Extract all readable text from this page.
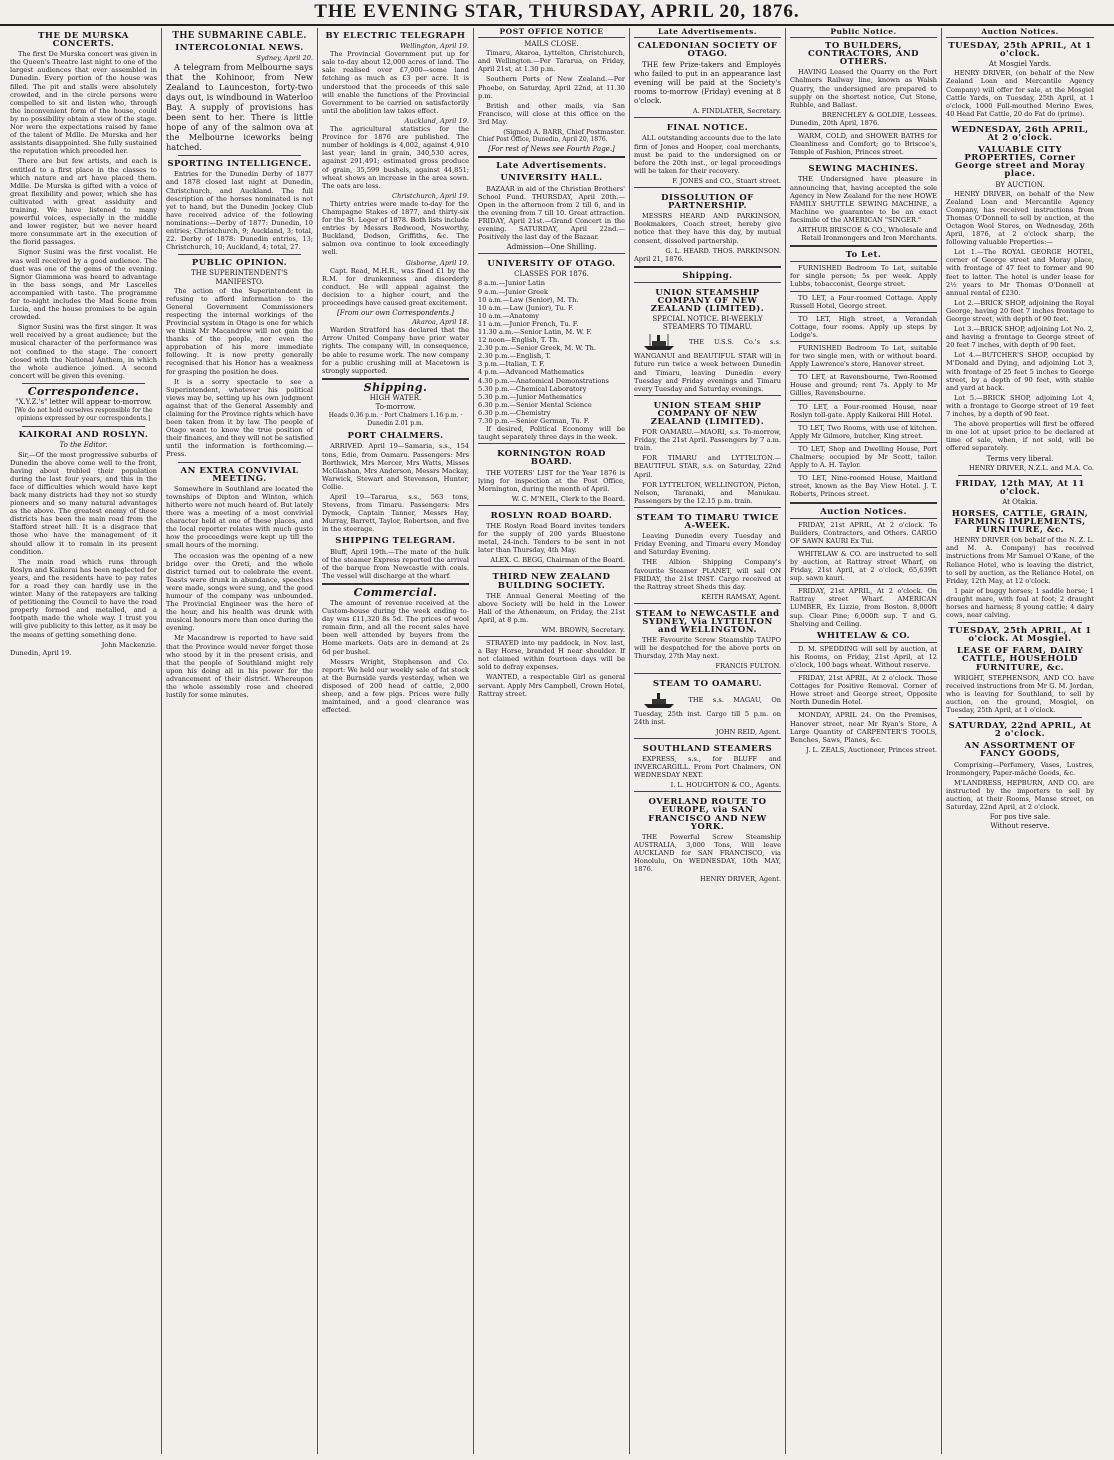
THE EVENING STAR, THURSDAY, APRIL 20, 1876.
THE DE MURSKA CONCERTS.

The first De Murska concert was given in the Queen's Theatre last night to one of the largest audiences that ever assembled in Dunedin. Every portion of the house was filled. The pit and stalls were absolutely crowded, and in the circle persons were compelled to sit and listen who, through the inconvenient form of the house, could by no possibility obtain a view of the stage. Nor were the expectations raised by fame of the talent of Mdlle. De Murska and her assistants disappointed. She fully sustained the reputation which preceded her.

There are but few artists, and each is entitled to a first place in the classes to which nature and art have placed them. Mdlle. De Murska is gifted with a voice of great flexibility and power, which she has cultivated with great assiduity and training. We have listened to many powerful voices, especially in the middle and lower register, but we never heard more consummate art in the execution of the florid passages.

Signor Susini was the first vocalist. He was well received by a good audience. The duet was one of the gems of the evening. Signor Giammona was heard to advantage in the bass songs, and Mr Lascelles accompanied with taste. The programme for to-night includes the Mad Scene from Lucia, and the house promises to be again crowded.

Signor Susini was the first singer. It was well received by a great audience; but the musical character of the performance was not confined to the stage. The concert closed with the National Anthem, in which the whole audience joined. A second concert will be given this evening.

Correspondence.
"X.Y.Z.'s" letter will appear to-morrow.
[We do not hold ourselves responsible for the opinions expressed by our correspondents.]
KAIKORAI AND ROSLYN.
To the Editor.

Sir,—Of the most progressive suburbs of Dunedin the above come well to the front, having about trebled their population during the last four years, and this in the face of difficulties which would have kept back many districts had they not so sturdy pioneers and so many natural advantages as the above. The greatest enemy of these districts has been the main road from the Stafford street hill. It is a disgrace that those who have the management of it should allow it to remain in its present condition.

The main road which runs through Roslyn and Kaikorai has been neglected for years, and the residents have to pay rates for a road they can hardly use in the winter. Many of the ratepayers are talking of petitioning the Council to have the road properly formed and metalled, and a footpath made the whole way. I trust you will give publicity to this letter, as it may be the means of getting something done.

John Mackenzie.
Dunedin, April 19.
THE SUBMARINE CABLE.
INTERCOLONIAL NEWS.
Sydney, April 20.

A telegram from Melbourne says that the Kohinoor, from New Zealand to Launceston, forty-two days out, is windbound in Waterloo Bay. A supply of provisions has been sent to her. There is little hope of any of the salmon ova at the Melbourne iceworks being hatched.

SPORTING INTELLIGENCE.

Entries for the Dunedin Derby of 1877 and 1878 closed last night at Dunedin, Christchurch, and Auckland. The full description of the horses nominated is not yet to hand, but the Dunedin Jockey Club have received advice of the following nominations:—Derby of 1877: Dunedin, 10 entries; Christchurch, 9; Auckland, 3; total, 22. Derby of 1878: Dunedin entries, 13; Christchurch, 10; Auckland, 4; total, 27.

PUBLIC OPINION.
THE SUPERINTENDENT'S MANIFESTO.

The action of the Superintendent in refusing to afford information to the General Government Commissioners respecting the internal workings of the Provincial system in Otago is one for which we think Mr Macandrew will not gain the thanks of the people, nor even the approbation of his more immediate following. It is now pretty generally recognised that his Honor has a weakness for grasping the position he does.

It is a sorry spectacle to see a Superintendent, whatever his political views may be, setting up his own judgment against that of the General Assembly and claiming for the Province rights which have been taken from it by law. The people of Otago want to know the true position of their finances, and they will not be satisfied until the information is forthcoming.—Press.

AN EXTRA CONVIVIAL MEETING.

Somewhere in Southland are located the townships of Dipton and Winton, which hitherto were not much heard of. But lately there was a meeting of a most convivial character held at one of these places, and the local reporter relates with much gusto how the proceedings were kept up till the small hours of the morning.

The occasion was the opening of a new bridge over the Oreti, and the whole district turned out to celebrate the event. Toasts were drunk in abundance, speeches were made, songs were sung, and the good humour of the company was unbounded. The Provincial Engineer was the hero of the hour, and his health was drunk with musical honours more than once during the evening.

Mr Macandrew is reported to have said that the Province would never forget those who stood by it in the present crisis, and that the people of Southland might rely upon his doing all in his power for the advancement of their district. Whereupon the whole assembly rose and cheered lustily for some minutes.

BY ELECTRIC TELEGRAPH
Wellington, April 19.

The Provincial Government put up for sale to-day about 12,000 acres of land. The sale realised over £7,000—some land fetching as much as £3 per acre. It is understood that the proceeds of this sale will enable the functions of the Provincial Government to be carried on satisfactorily until the abolition law takes effect.

Auckland, April 19.

The agricultural statistics for the Province for 1876 are published. The number of holdings is 4,002, against 4,910 last year; land in grain, 340,530 acres, against 291,491; estimated gross produce of grain, 35,599 bushels, against 44,851; wheat shows an increase in the area sown. The oats are less.

Christchurch, April 19.

Thirty entries were made to-day for the Champagne Stakes of 1877, and thirty-six for the St. Leger of 1878. Both lists include entries by Messrs Redwood, Nosworthy, Buckland, Dodson, Griffiths, &c. The salmon ova continue to look exceedingly well.

Gisborne, April 19.

Capt. Read, M.H.R., was fined £1 by the R.M. for drunkenness and disorderly conduct. He will appeal against the decision to a higher court, and the proceedings have caused great excitement.

[From our own Correspondents.]
Akaroa, April 18.

Warden Stratford has declared that the Arrow United Company have prior water rights. The company will, in consequence, be able to resume work. The new company for a public crushing mill at Macetown is strongly supported.

Shipping.
HIGH WATER.
To-morrow.
Heads 0.36 p.m. · Port Chalmers 1.16 p.m. · Dunedin 2.01 p.m.
PORT CHALMERS.

ARRIVED. April 19—Samaria, s.s., 154 tons, Edie, from Oamaru. Passengers: Mrs Borthwick, Mrs Mercer, Mrs Watts, Misses McGlashan, Mrs Anderson, Messrs Mackay, Warwick, Stewart and Stevenson, Hunter, Collie.

April 19—Tararua, s.s., 563 tons, Stevens, from Timaru. Passengers: Mrs Dymock, Captain Tanner, Messrs Hay, Murray, Barrett, Taylor, Robertson, and five in the steerage.

SHIPPING TELEGRAM.

Bluff, April 19th.—The mate of the hulk of the steamer Express reported the arrival of the barque from Newcastle with coals. The vessel will discharge at the wharf.

Commercial.

The amount of revenue received at the Custom-house during the week ending to-day was £11,320 8s 5d. The prices of wool remain firm, and all the recent sales have been well attended by buyers from the Home markets. Oats are in demand at 2s 6d per bushel.

Messrs Wright, Stephenson and Co. report: We held our weekly sale of fat stock at the Burnside yards yesterday, when we disposed of 200 head of cattle, 2,000 sheep, and a few pigs. Prices were fully maintained, and a good clearance was effected.

POST OFFICE NOTICE
MAILS CLOSE.

Timaru, Akaroa, Lyttelton, Christchurch, and Wellington.—Per Tararua, on Friday, April 21st, at 1.30 p.m.

Southern Ports of New Zealand.—Per Phoebe, on Saturday, April 22nd, at 11.30 p.m.

British and other mails, via San Francisco, will close at this office on the 3rd May.

(Signed) A. BARR, Chief Postmaster.
Chief Post Office, Dunedin, April 20, 1876.
[For rest of News see Fourth Page.]
Late Advertisements.
UNIVERSITY HALL.

BAZAAR in aid of the Christian Brothers' School Fund. THURSDAY, April 20th.—Open in the afternoon from 2 till 6, and in the evening from 7 till 10. Great attraction. FRIDAY, April 21st.—Grand Concert in the evening. SATURDAY, April 22nd.—Positively the last day of the Bazaar.

Admission—One Shilling.
UNIVERSITY OF OTAGO.
CLASSES FOR 1876.
8 a.m.—Junior Latin
9 a.m.—Junior Greek
10 a.m.—Law (Senior), M. Th.
10 a.m.—Law (Junior), Tu. F.
10 a.m.—Anatomy
11 a.m.—Junior French, Tu. F.
11.30 a.m.—Senior Latin, M. W. F.
12 noon—English, T. Th.
2.30 p.m.—Senior Greek, M. W. Th.
2.30 p.m.—English, T.
3 p.m.—Italian, T. F.
4 p.m.—Advanced Mathematics
4.30 p.m.—Anatomical Demonstrations
5.30 p.m.—Chemical Laboratory
5.30 p.m.—Junior Mathematics
6.30 p.m.—Senior Mental Science
6.30 p.m.—Chemistry
7.30 p.m.—Senior German, Tu. F.

If desired, Political Economy will be taught separately three days in the week.

KORNINGTON ROAD BOARD.

THE VOTERS' LIST for the Year 1876 is lying for inspection at the Post Office, Mornington, during the month of April.

W. C. M'NEIL, Clerk to the Board.
ROSLYN ROAD BOARD.

THE Roslyn Road Board invites tenders for the supply of 200 yards Bluestone metal, 24-inch. Tenders to be sent in not later than Thursday, 4th May.

ALEX. C. BEGG, Chairman of the Board.
THIRD NEW ZEALAND BUILDING SOCIETY.

THE Annual General Meeting of the above Society will be held in the Lower Hall of the Athenæum, on Friday, the 21st April, at 8 p.m.

WM. BROWN, Secretary.

STRAYED into my paddock, in Nov. last, a Bay Horse, branded H near shoulder. If not claimed within fourteen days will be sold to defray expenses.

WANTED, a respectable Girl as general servant. Apply Mrs Campbell, Crown Hotel, Rattray street.

Late Advertisements.
CALEDONIAN SOCIETY OF OTAGO.

THE few Prize-takers and Employés who failed to put in an appearance last evening will be paid at the Society's rooms to-morrow (Friday) evening at 8 o'clock.

A. FINDLATER, Secretary.
FINAL NOTICE.

ALL outstanding accounts due to the late firm of Jones and Hooper, coal merchants, must be paid to the undersigned on or before the 20th inst., or legal proceedings will be taken for their recovery.

F. JONES and CO., Stuart street.
DISSOLUTION OF PARTNERSHIP.

MESSRS HEARD AND PARKINSON, Bookmakers, Coach street, hereby give notice that they have this day, by mutual consent, dissolved partnership.

G. L. HEARD. THOS. PARKINSON.
April 21, 1876.
Shipping.
UNION STEAMSHIP COMPANY OF NEW ZEALAND (LIMITED).
SPECIAL NOTICE. BI-WEEKLY STEAMERS TO TIMARU.

THE U.S.S. Co.'s s.s. WANGANUI and BEAUTIFUL STAR will in future run twice a week between Dunedin and Timaru, leaving Dunedin every Tuesday and Friday evenings and Timaru every Tuesday and Saturday evenings.

UNION STEAM SHIP COMPANY OF NEW ZEALAND (LIMITED).

FOR OAMARU.—MAORI, s.s. To-morrow, Friday, the 21st April. Passengers by 7 a.m. train.

FOR TIMARU and LYTTELTON.—BEAUTIFUL STAR, s.s. on Saturday, 22nd April.

FOR LYTTELTON, WELLINGTON, Picton, Nelson, Taranaki, and Manukau. Passengers by the 12.15 p.m. train.

STEAM TO TIMARU TWICE A-WEEK.

Leaving Dunedin every Tuesday and Friday Evening, and Timaru every Monday and Saturday Evening.

THE Albion Shipping Company's favourite Steamer PLANET, will sail ON FRIDAY, the 21st INST. Cargo received at the Rattray street Sheds this day.

KEITH RAMSAY, Agent.
STEAM to NEWCASTLE and SYDNEY, Via LYTTELTON and WELLINGTON.

THE Favourite Screw Steamship TAUPO will be despatched for the above ports on Thursday, 27th May next.

FRANCIS FULTON.
STEAM TO OAMARU.

THE s.s. MAGAU, On Tuesday, 25th inst. Cargo till 5 p.m. on 24th inst.

JOHN REID, Agent.
SOUTHLAND STEAMERS

EXPRESS, s.s., for BLUFF and INVERCARGILL. From Port Chalmers, ON WEDNESDAY NEXT.

I. L. HOUGHTON & CO., Agents.
OVERLAND ROUTE TO EUROPE, via SAN FRANCISCO AND NEW YORK.

THE Powerful Screw Steamship AUSTRALIA, 3,000 Tons, Will leave AUCKLAND for SAN FRANCISCO, via Honolulu, On WEDNESDAY, 10th MAY, 1876.

HENRY DRIVER, Agent.
Public Notice.
TO BUILDERS, CONTRACTORS, AND OTHERS.

HAVING Leased the Quarry on the Port Chalmers Railway line, known as Walsh Quarry, the undersigned are prepared to supply on the shortest notice, Cut Stone, Rubble, and Ballast.

BRENCHLEY & GOLDIE, Lessees.
Dunedin, 20th April, 1876.

WARM, COLD, and SHOWER BATHS for Cleanliness and Comfort; go to Briscoe's, Temple of Fashion, Princes street.

SEWING MACHINES.

THE Undersigned have pleasure in announcing that, having accepted the sole Agency in New Zealand for the new HOWE FAMILY SHUTTLE SEWING MACHINE, a Machine we guarantee to be an exact facsimile of the AMERICAN "SINGER."

ARTHUR BRISCOE & CO., Wholesale and Retail Ironmongers and Iron Merchants.
To Let.

FURNISHED Bedroom To Let, suitable for single person; 5s per week. Apply Lubbs, tobacconist, George street.

TO LET, a Four-roomed Cottage. Apply Russell Hotel, George street.

TO LET, High street, a Verandah Cottage, four rooms. Apply up steps by Lodge's.

FURNISHED Bedroom To Let, suitable for two single men, with or without board. Apply Lawrence's store, Hanover street.

TO LET, at Ravensbourne, Two-Roomed House and ground; rent 7s. Apply to Mr Gillies, Ravensbourne.

TO LET, a Four-roomed House, near Roslyn toll-gate. Apply Kaikorai Hill Hotel.

TO LET, Two Rooms, with use of kitchen. Apply Mr Gilmore, butcher, King street.

TO LET, Shop and Dwelling House, Port Chalmers; occupied by Mr Scott, tailor. Apply to A. H. Taylor.

TO LET, Nine-roomed House, Maitland street, known as the Bay View Hotel. J. T. Roberts, Princes street.

Auction Notices.

FRIDAY, 21st APRIL, At 2 o'clock. To Builders, Contractors, and Others. CARGO OF SAWN KAURI Ex Tui.

WHITELAW & CO. are instructed to sell by auction, at Rattray street Wharf, on Friday, 21st April, at 2 o'clock, 65,639ft sup. sawn kauri.

FRIDAY, 21st APRIL, At 2 o'clock. On Rattray street Wharf. AMERICAN LUMBER, Ex Lizzie, from Boston. 8,000ft sup. Clear Pine; 6,000ft sup. T and G. Shelving and Ceiling.

WHITELAW & CO.

D. M. SPEDDING will sell by auction, at his Rooms, on Friday, 21st April, at 12 o'clock, 100 bags wheat. Without reserve.

FRIDAY, 21st APRIL, At 2 o'clock. Those Cottages for Positive Removal. Corner of Howe street and George street, Opposite North Dunedin Hotel.

MONDAY, APRIL 24. On the Premises, Hanover street, near Mr Ryan's Store, A Large Quantity of CARPENTER'S TOOLS, Benches, Saws, Planes, &c.

J. L. ZEALS, Auctioneer, Princes street.
Auction Notices.
TUESDAY, 25th APRIL, At 1 o'clock.
At Mosgiel Yards.

HENRY DRIVER, (on behalf of the New Zealand Loan and Mercantile Agency Company) will offer for sale, at the Mosgiel Cattle Yards, on Tuesday, 25th April, at 1 o'clock, 1000 Full-mouthed Merino Ewes, 40 Head Fat Cattle, 20 do Fat do (prime).

WEDNESDAY, 26th APRIL, At 2 o'clock.
VALUABLE CITY PROPERTIES, Corner George street and Moray place.
BY AUCTION.

HENRY DRIVER, on behalf of the New Zealand Loan and Mercantile Agency Company, has received instructions from Thomas O'Donnell to sell by auction, at the Octagon Wool Stores, on Wednesday, 26th April, 1876, at 2 o'clock sharp, the following valuable Properties:—

Lot 1.—The ROYAL GEORGE HOTEL, corner of George street and Moray place, with frontage of 47 feet to former and 90 feet to latter. The hotel is under lease for 2½ years to Mr Thomas O'Donnell at annual rental of £230.

Lot 2.—BRICK SHOP, adjoining the Royal George, having 20 feet 7 inches frontage to George street, with depth of 90 feet.

Lot 3.—BRICK SHOP, adjoining Lot No. 2, and having a frontage to George street of 20 feet 7 inches, with depth of 90 feet.

Lot 4.—BUTCHER'S SHOP, occupied by M'Donald and Dying, and adjoining Lot 3, with frontage of 25 feet 5 inches to George street, by a depth of 90 feet, with stable and yard at back.

Lot 5.—BRICK SHOP, adjoining Lot 4, with a frontage to George street of 19 feet 7 inches, by a depth of 90 feet.

The above properties will first be offered in one lot at upset price to be declared at time of sale, when, if not sold, will be offered separately.

Terms very liberal.
HENRY DRIVER, N.Z.L. and M.A. Co.
FRIDAY, 12th MAY, At 11 o'clock.
At Otakia.
HORSES, CATTLE, GRAIN, FARMING IMPLEMENTS, FURNITURE, &c.

HENRY DRIVER (on behalf of the N. Z. L. and M. A. Company) has received instructions from Mr Samuel O'Kane, of the Reliance Hotel, who is leaving the district, to sell by auction, as the Reliance Hotel, on Friday, 12th May, at 12 o'clock.

1 pair of buggy horses; 1 saddle horse; 1 draught mare, with foal at foot; 2 draught horses and harness; 8 young cattle; 4 dairy cows, near calving.

TUESDAY, 25th APRIL, At 1 o'clock. At Mosgiel.
LEASE OF FARM, DAIRY CATTLE, HOUSEHOLD FURNITURE, &c.

WRIGHT, STEPHENSON, AND CO. have received instructions from Mr G. M. Jordan, who is leaving for Southland, to sell by auction, on the ground, Mosgiel, on Tuesday, 25th April, at 1 o'clock.

SATURDAY, 22nd APRIL, At 2 o'clock.
AN ASSORTMENT OF FANCY GOODS,

Comprising—Perfumery, Vases, Lustres, Ironmongery, Paper-mâché Goods, &c.

M'LANDRESS, HEPBURN, AND CO. are instructed by the importers to sell by auction, at their Rooms, Manse street, on Saturday, 22nd April, at 2 o'clock.

For pos tive sale.
Without reserve.
